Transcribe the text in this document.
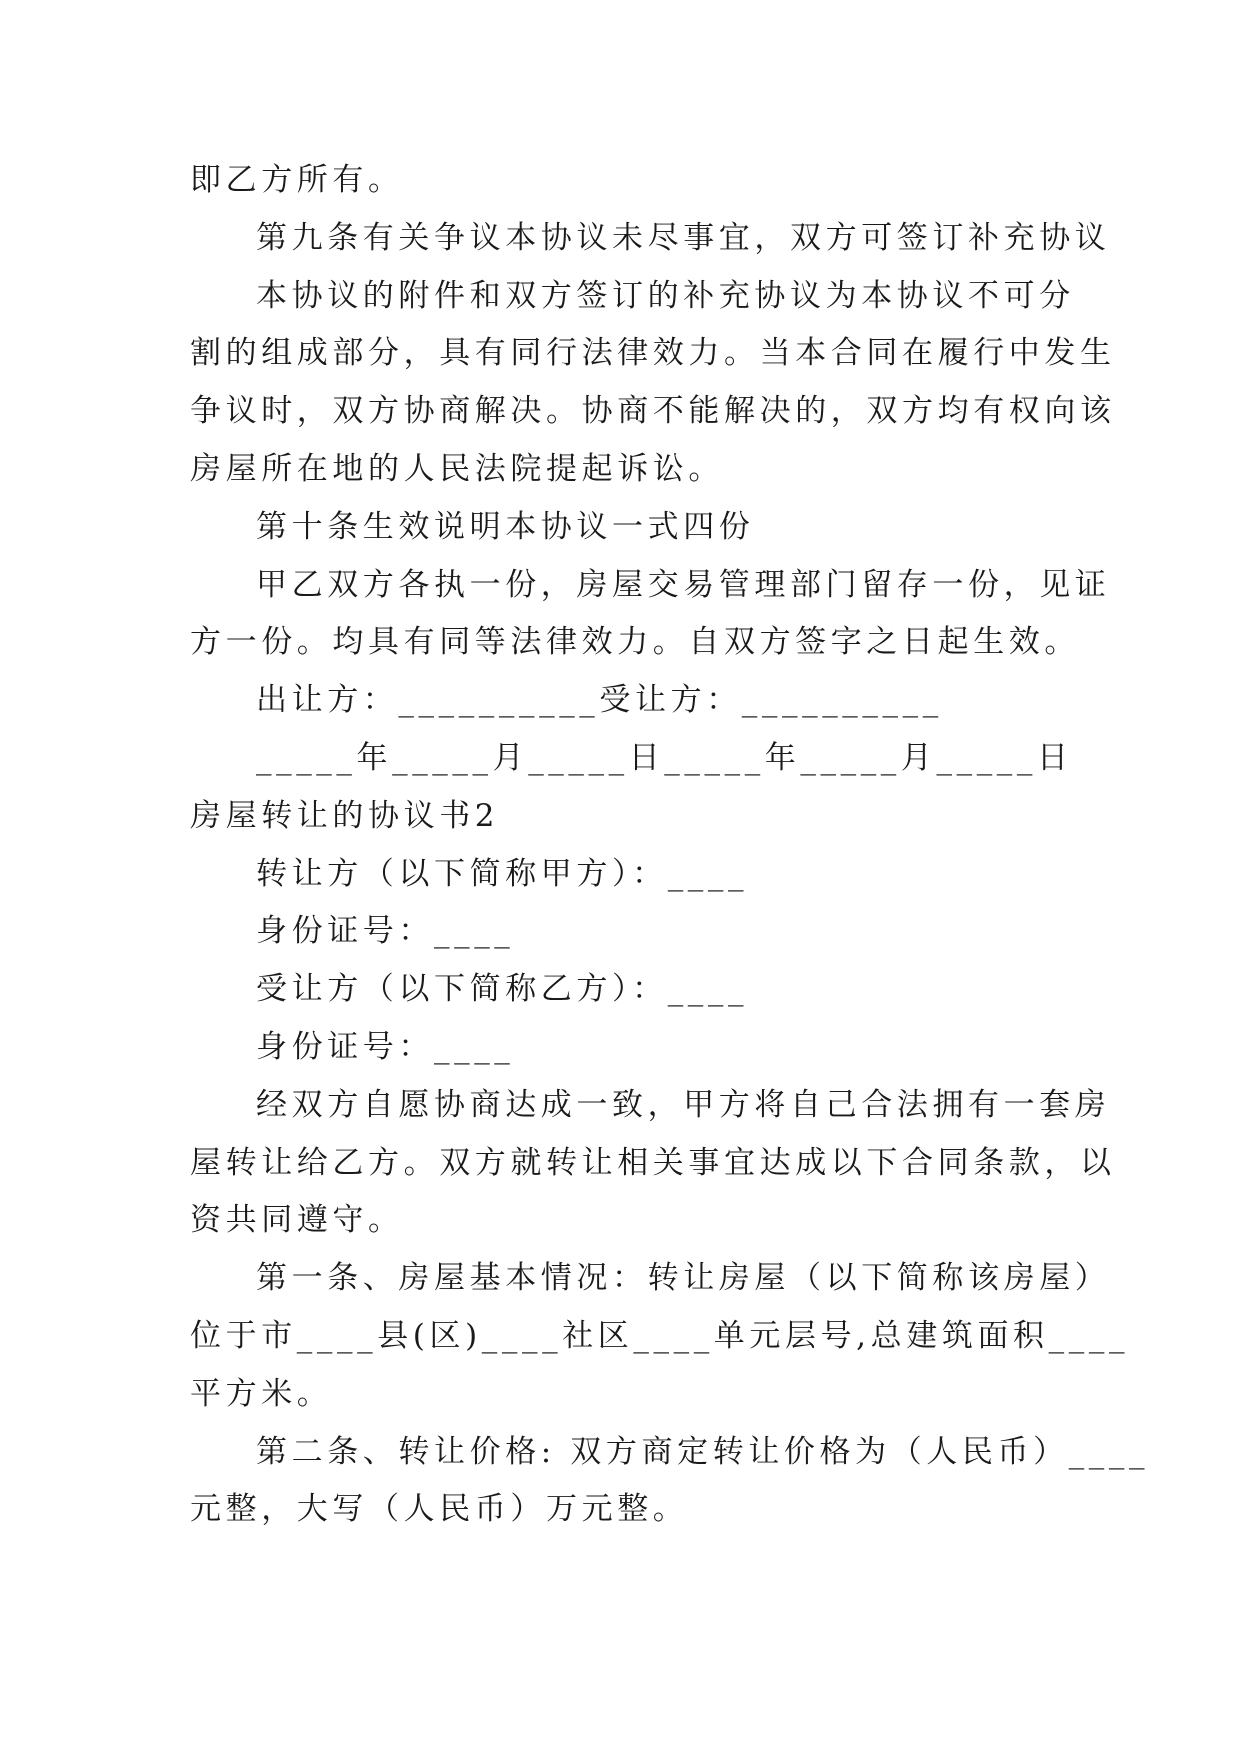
即乙方所有。
第九条有关争议本协议未尽事宜，双方可签订补充协议
本协议的附件和双方签订的补充协议为本协议不可分
割的组成部分，具有同行法律效力。当本合同在履行中发生
争议时，双方协商解决。协商不能解决的，双方均有权向该
房屋所在地的人民法院提起诉讼。
第十条生效说明本协议一式四份
甲乙双方各执一份，房屋交易管理部门留存一份，见证
方一份。均具有同等法律效力。自双方签字之日起生效。
出让方：__________受让方：__________
_____年_____月_____日_____年_____月_____日
房屋转让的协议书2
转让方（以下简称甲方）：____
身份证号：____
受让方（以下简称乙方）：____
身份证号：____
经双方自愿协商达成一致，甲方将自己合法拥有一套房
屋转让给乙方。双方就转让相关事宜达成以下合同条款，以
资共同遵守。
第一条、房屋基本情况：转让房屋（以下简称该房屋）
位于市____县(区)____社区____单元层号,总建筑面积____
平方米。
第二条、转让价格: 双方商定转让价格为（人民币）____
元整，大写（人民币）万元整。
